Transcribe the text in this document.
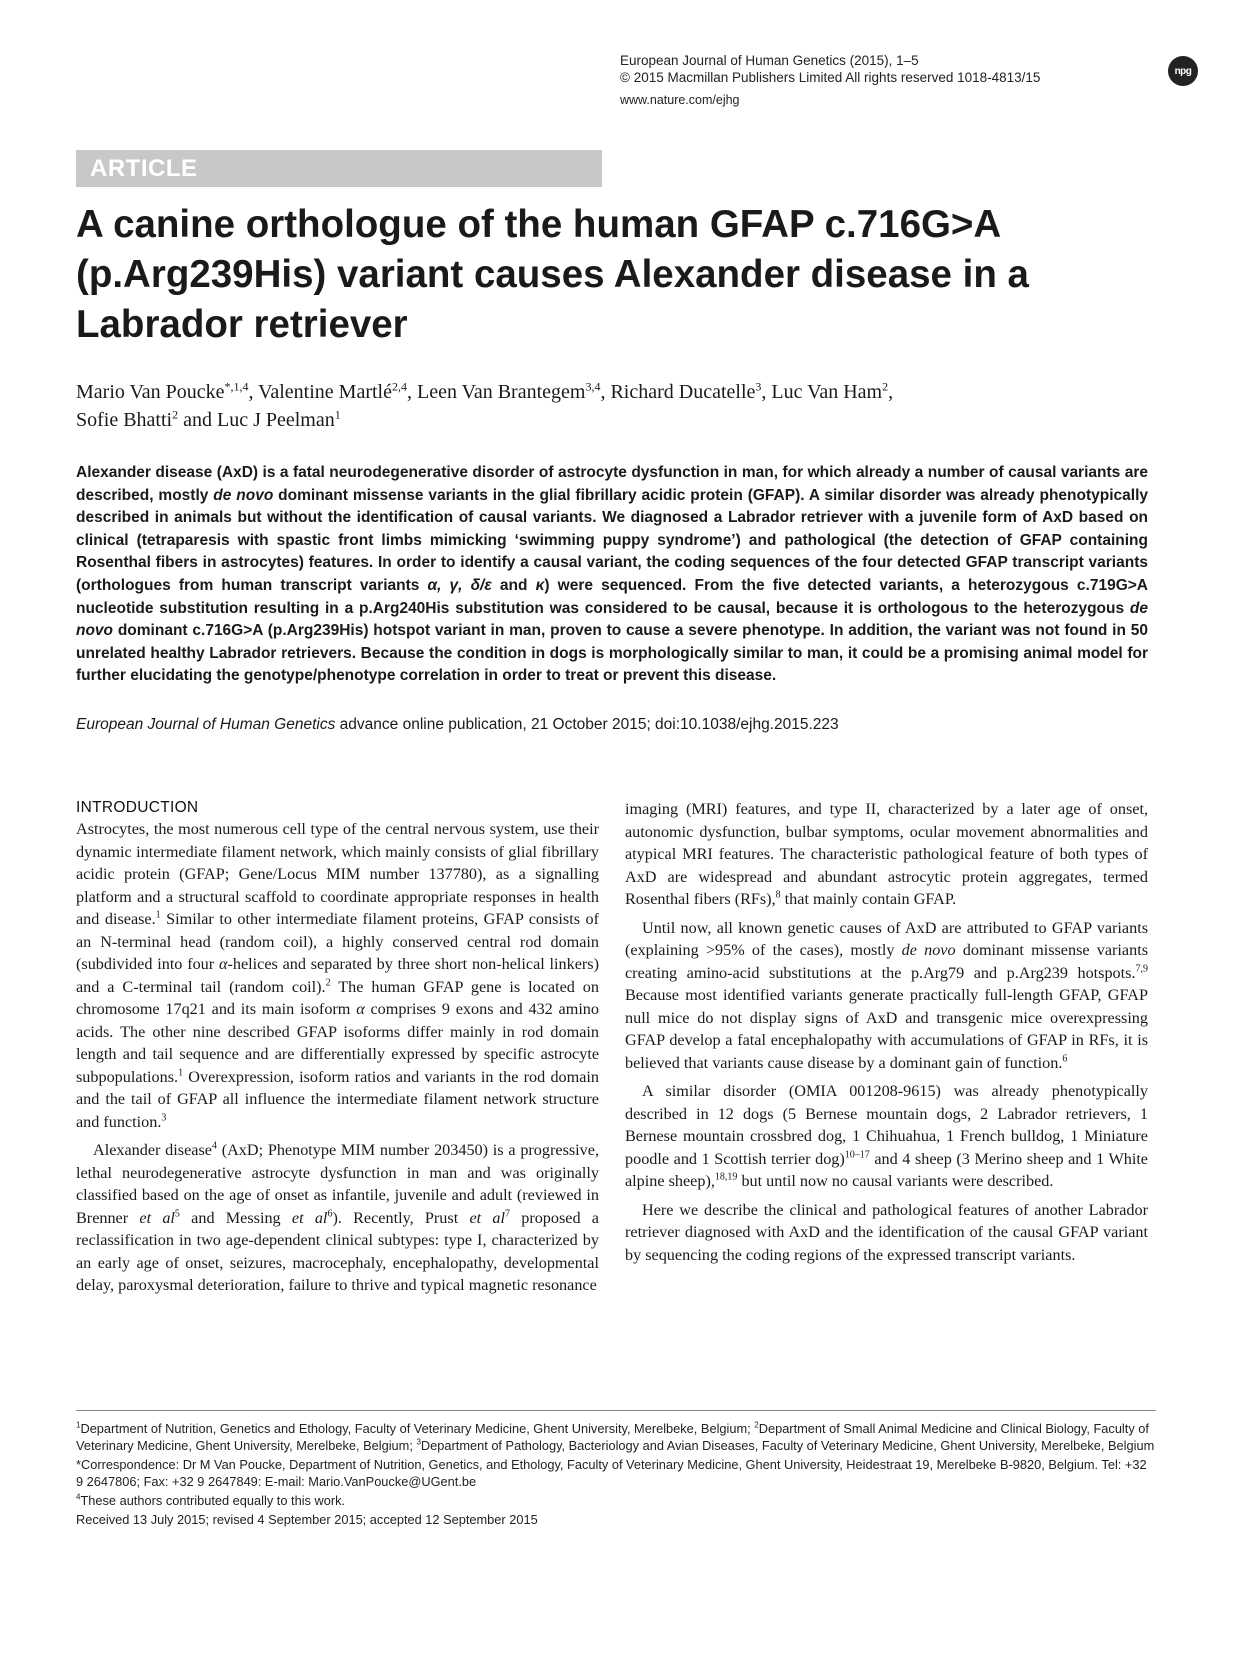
European Journal of Human Genetics (2015), 1–5
© 2015 Macmillan Publishers Limited All rights reserved 1018-4813/15
www.nature.com/ejhg
npg
ARTICLE
A canine orthologue of the human GFAP c.716G>A (p.Arg239His) variant causes Alexander disease in a Labrador retriever

Mario Van Poucke$^{*,1,4}$, Valentine Martlé$^{2,4}$, Leen Van Brantegem$^{3,4}$, Richard Ducatelle$^3$, Luc Van Ham$^2$,
Sofie Bhatti$^2$ and Luc J Peelman$^1$

Alexander disease (AxD) is a fatal neurodegenerative disorder of astrocyte dysfunction in man, for which already a number of causal variants are described, mostly de novo dominant missense variants in the glial fibrillary acidic protein (GFAP). A similar disorder was already phenotypically described in animals but without the identification of causal variants. We diagnosed a Labrador retriever with a juvenile form of AxD based on clinical (tetraparesis with spastic front limbs mimicking ‘swimming puppy syndrome’) and pathological (the detection of GFAP containing Rosenthal fibers in astrocytes) features. In order to identify a causal variant, the coding sequences of the four detected GFAP transcript variants (orthologues from human transcript variants α, γ, δ/ε and κ) were sequenced. From the five detected variants, a heterozygous c.719G>A nucleotide substitution resulting in a p.Arg240His substitution was considered to be causal, because it is orthologous to the heterozygous de novo dominant c.716G>A (p.Arg239His) hotspot variant in man, proven to cause a severe phenotype. In addition, the variant was not found in 50 unrelated healthy Labrador retrievers. Because the condition in dogs is morphologically similar to man, it could be a promising animal model for further elucidating the genotype/phenotype correlation in order to treat or prevent this disease.

European Journal of Human Genetics advance online publication, 21 October 2015; doi:10.1038/ejhg.2015.223

INTRODUCTION

Astrocytes, the most numerous cell type of the central nervous system, use their dynamic intermediate filament network, which mainly consists of glial fibrillary acidic protein (GFAP; Gene/Locus MIM number 137780), as a signalling platform and a structural scaffold to coordinate appropriate responses in health and disease.$^1$ Similar to other intermediate filament proteins, GFAP consists of an N-terminal head (random coil), a highly conserved central rod domain (subdivided into four α-helices and separated by three short non-helical linkers) and a C-terminal tail (random coil).$^2$ The human GFAP gene is located on chromosome 17q21 and its main isoform α comprises 9 exons and 432 amino acids. The other nine described GFAP isoforms differ mainly in rod domain length and tail sequence and are differentially expressed by specific astrocyte subpopulations.$^1$ Overexpression, isoform ratios and variants in the rod domain and the tail of GFAP all influence the intermediate filament network structure and function.$^3$

Alexander disease$^4$ (AxD; Phenotype MIM number 203450) is a progressive, lethal neurodegenerative astrocyte dysfunction in man and was originally classified based on the age of onset as infantile, juvenile and adult (reviewed in Brenner et $al^5$ and Messing et $al^6$). Recently, Prust et $al^7$ proposed a reclassification in two age-dependent clinical subtypes: type I, characterized by an early age of onset, seizures, macrocephaly, encephalopathy, developmental delay, paroxysmal deterioration, failure to thrive and typical magnetic resonance

imaging (MRI) features, and type II, characterized by a later age of onset, autonomic dysfunction, bulbar symptoms, ocular movement abnormalities and atypical MRI features. The characteristic pathological feature of both types of AxD are widespread and abundant astrocytic protein aggregates, termed Rosenthal fibers (RFs),$^8$ that mainly contain GFAP.

Until now, all known genetic causes of AxD are attributed to GFAP variants (explaining >95% of the cases), mostly de novo dominant missense variants creating amino-acid substitutions at the p.Arg79 and p.Arg239 hotspots.$^{7,9}$ Because most identified variants generate practically full-length GFAP, GFAP null mice do not display signs of AxD and transgenic mice overexpressing GFAP develop a fatal encephalopathy with accumulations of GFAP in RFs, it is believed that variants cause disease by a dominant gain of function.$^6$

A similar disorder (OMIA 001208-9615) was already phenotypically described in 12 dogs (5 Bernese mountain dogs, 2 Labrador retrievers, 1 Bernese mountain crossbred dog, 1 Chihuahua, 1 French bulldog, 1 Miniature poodle and 1 Scottish terrier dog)$^{10-17}$ and 4 sheep (3 Merino sheep and 1 White alpine sheep),$^{18,19}$ but until now no causal variants were described.

Here we describe the clinical and pathological features of another Labrador retriever diagnosed with AxD and the identification of the causal GFAP variant by sequencing the coding regions of the expressed transcript variants.

$^1$Department of Nutrition, Genetics and Ethology, Faculty of Veterinary Medicine, Ghent University, Merelbeke, Belgium; $^2$Department of Small Animal Medicine and Clinical Biology, Faculty of Veterinary Medicine, Ghent University, Merelbeke, Belgium; $^3$Department of Pathology, Bacteriology and Avian Diseases, Faculty of Veterinary Medicine, Ghent University, Merelbeke, Belgium

*Correspondence: Dr M Van Poucke, Department of Nutrition, Genetics, and Ethology, Faculty of Veterinary Medicine, Ghent University, Heidestraat 19, Merelbeke B-9820, Belgium. Tel: +32 9 2647806; Fax: +32 9 2647849: E-mail: Mario.VanPoucke@UGent.be

$^4$These authors contributed equally to this work.

Received 13 July 2015; revised 4 September 2015; accepted 12 September 2015
